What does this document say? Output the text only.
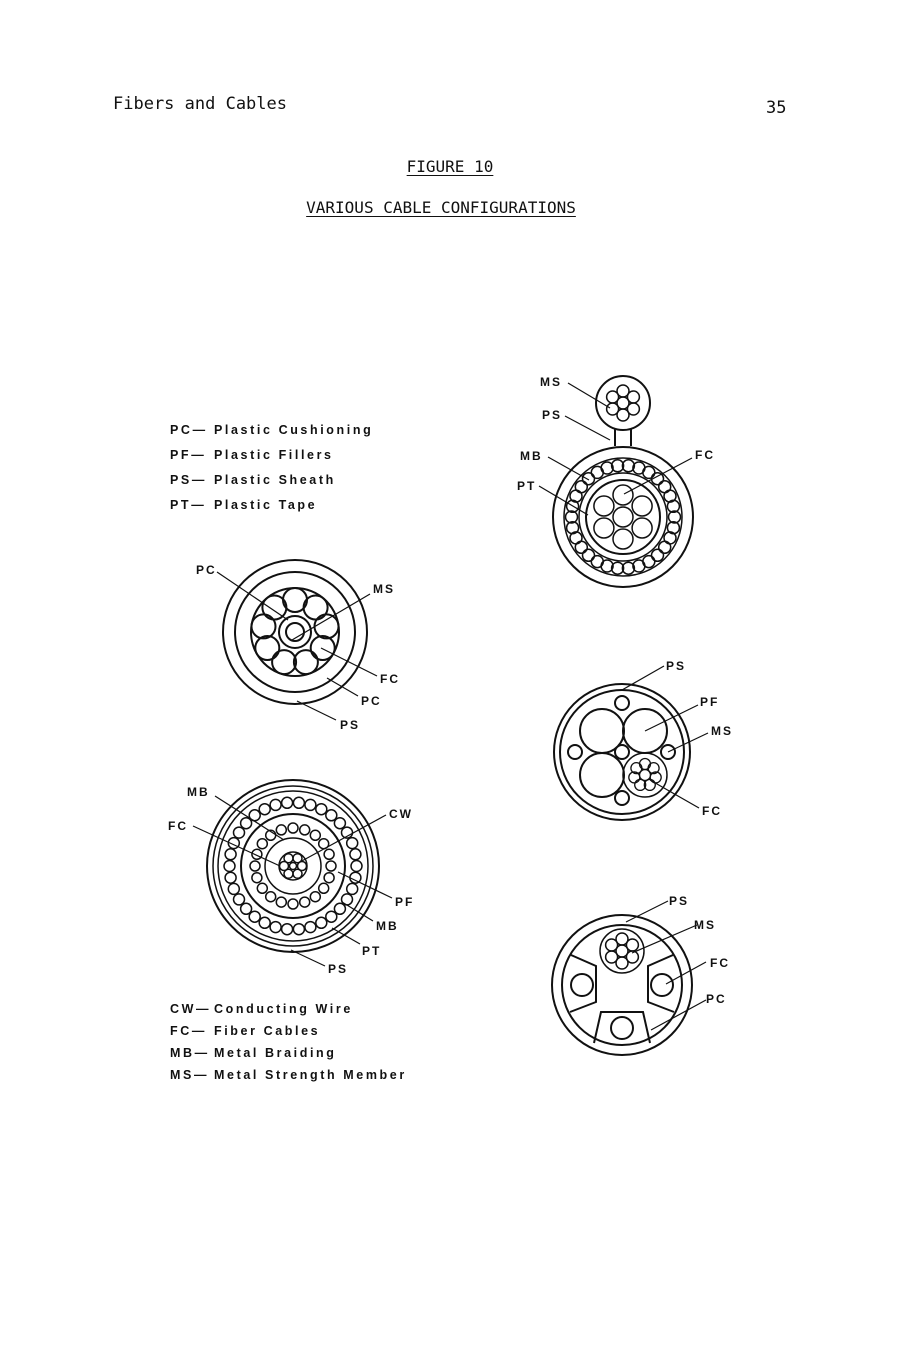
Fibers and Cables	35
FIGURE 10
VARIOUS CABLE CONFIGURATIONS
PC— Plastic Cushioning
PF— Plastic Fillers
PS— Plastic Sheath
PT— Plastic Tape
CW— Conducting Wire
FC— Fiber Cables
MB— Metal Braiding
MS— Metal Strength Member
PC
MS
FC
PC
PS
MB
FC
CW
PF
MB
PT
PS
MS
PS
MB
PT
FC
PS
PF
MS
FC
PS
MS
FC
PC
